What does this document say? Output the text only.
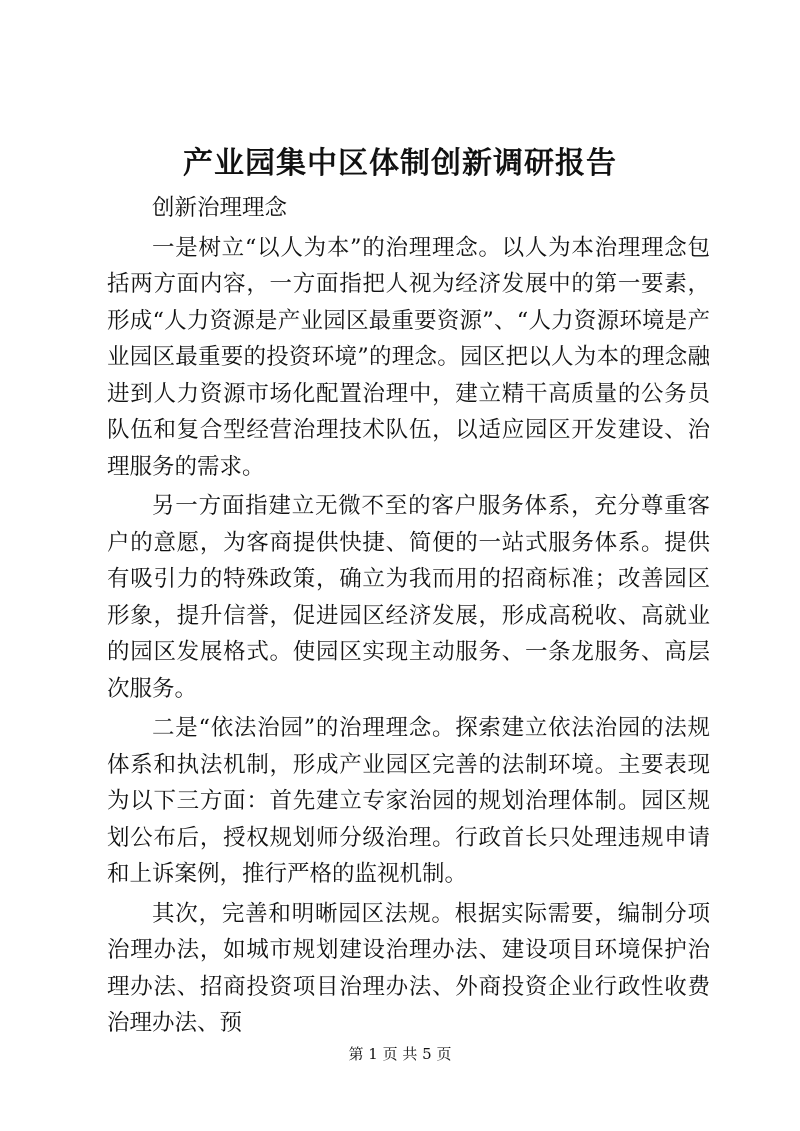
产业园集中区体制创新调研报告

创新治理理念

一是树立“以人为本”的治理理念。以人为本治理理念包括两方面内容，一方面指把人视为经济发展中的第一要素，形成“人力资源是产业园区最重要资源”、“人力资源环境是产业园区最重要的投资环境”的理念。园区把以人为本的理念融进到人力资源市场化配置治理中，建立精干高质量的公务员队伍和复合型经营治理技术队伍，以适应园区开发建设、治理服务的需求。

另一方面指建立无微不至的客户服务体系，充分尊重客户的意愿，为客商提供快捷、简便的一站式服务体系。提供有吸引力的特殊政策，确立为我而用的招商标准；改善园区形象，提升信誉，促进园区经济发展，形成高税收、高就业的园区发展格式。使园区实现主动服务、一条龙服务、高层次服务。

二是“依法治园”的治理理念。探索建立依法治园的法规体系和执法机制，形成产业园区完善的法制环境。主要表现为以下三方面：首先建立专家治园的规划治理体制。园区规划公布后，授权规划师分级治理。行政首长只处理违规申请和上诉案例，推行严格的监视机制。

其次，完善和明晰园区法规。根据实际需要，编制分项治理办法，如城市规划建设治理办法、建设项目环境保护治理办法、招商投资项目治理办法、外商投资企业行政性收费治理办法、预

第 1 页 共 5 页
